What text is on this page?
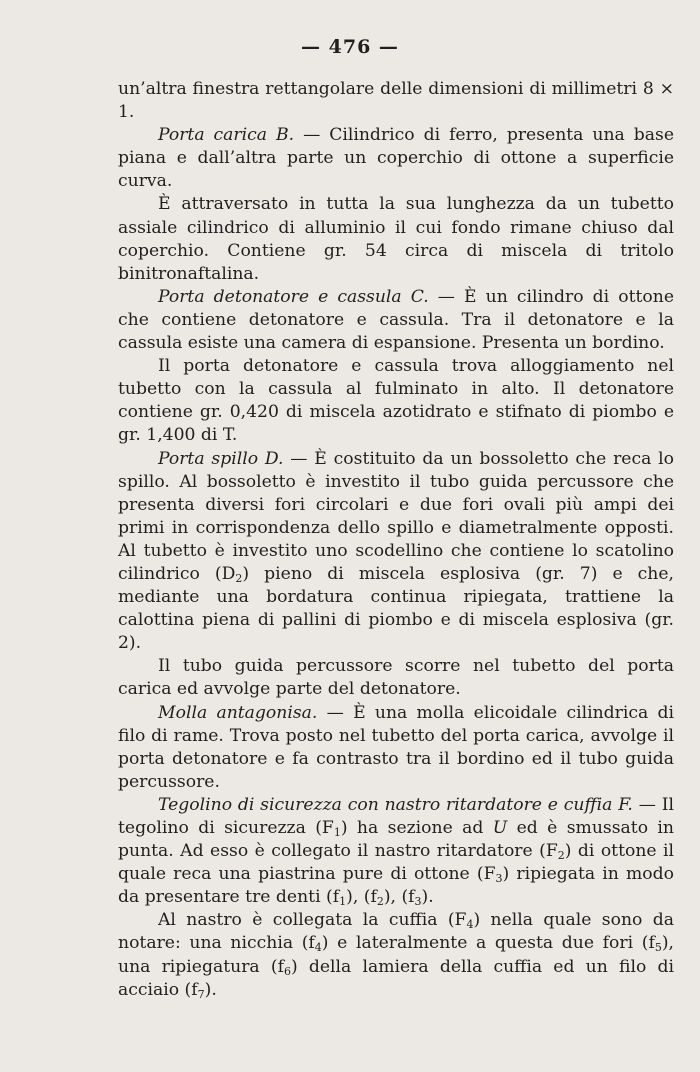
— 476 —

un’altra finestra rettangolare delle dimensioni di millimetri 8 × 1.

Porta carica B. — Cilindrico di ferro, presenta una base piana e dall’altra parte un coperchio di ottone a superficie curva.

È attraversato in tutta la sua lunghezza da un tubetto assiale cilindrico di alluminio il cui fondo rimane chiuso dal coperchio. Contiene gr. 54 circa di miscela di tritolo binitronaftalina.

Porta detonatore e cassula C. — È un cilindro di ottone che contiene detonatore e cassula. Tra il detonatore e la cassula esiste una camera di espansione. Presenta un bordino.

Il porta detonatore e cassula trova alloggiamento nel tubetto con la cassula al fulminato in alto. Il detonatore contiene gr. 0,420 di miscela azotidrato e stifnato di piombo e gr. 1,400 di T.

Porta spillo D. — È costituito da un bossoletto che reca lo spillo. Al bossoletto è investito il tubo guida percussore che presenta diversi fori circolari e due fori ovali più ampi dei primi in corrispondenza dello spillo e diametralmente opposti. Al tubetto è investito uno scodellino che contiene lo scatolino cilindrico $(D_2)$ pieno di miscela esplosiva (gr. 7) e che, mediante una bordatura continua ripiegata, trattiene la calottina piena di pallini di piombo e di miscela esplosiva (gr. 2).

Il tubo guida percussore scorre nel tubetto del porta carica ed avvolge parte del detonatore.

Molla antagonisa. — È una molla elicoidale cilindrica di filo di rame. Trova posto nel tubetto del porta carica, avvolge il porta detonatore e fa contrasto tra il bordino ed il tubo guida percussore.

Tegolino di sicurezza con nastro ritardatore e cuffia F. — Il tegolino di sicurezza $(F_1)$ ha sezione ad U ed è smussato in punta. Ad esso è collegato il nastro ritardatore $(F_2)$ di ottone il quale reca una piastrina pure di ottone $(F_3)$ ripiegata in modo da presentare tre denti $(f_1)$, $(f_2)$, $(f_3)$.

Al nastro è collegata la cuffia $(F_4)$ nella quale sono da notare: una nicchia $(f_4)$ e lateralmente a questa due fori $(f_5)$, una ripiegatura $(f_6)$ della lamiera della cuffia ed un filo di acciaio $(f_7)$.
